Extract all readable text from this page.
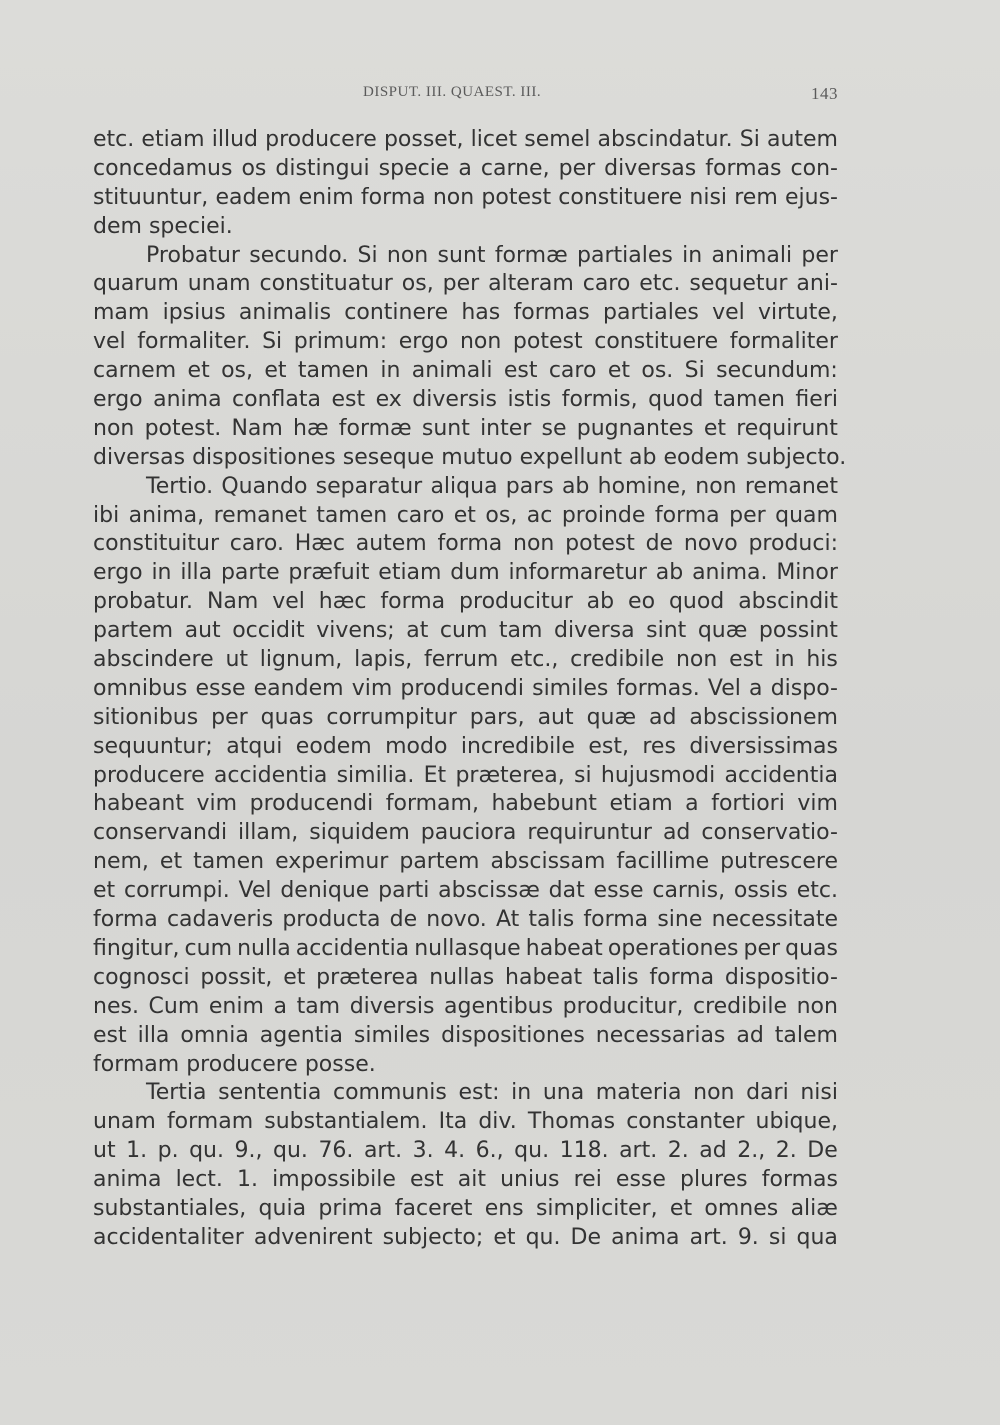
DISPUT. III. QUAEST. III.	143
etc. etiam illud producere posset, licet semel abscindatur. Si autem
concedamus os distingui specie a carne, per diversas formas con-
stituuntur, eadem enim forma non potest constituere nisi rem ejus-
dem speciei.
Probatur secundo. Si non sunt formæ partiales in animali per
quarum unam constituatur os, per alteram caro etc. sequetur ani-
mam ipsius animalis continere has formas partiales vel virtute,
vel formaliter. Si primum: ergo non potest constituere formaliter
carnem et os, et tamen in animali est caro et os. Si secundum:
ergo anima conflata est ex diversis istis formis, quod tamen fieri
non potest. Nam hæ formæ sunt inter se pugnantes et requirunt
diversas dispositiones seseque mutuo expellunt ab eodem subjecto.
Tertio. Quando separatur aliqua pars ab homine, non remanet
ibi anima, remanet tamen caro et os, ac proinde forma per quam
constituitur caro. Hæc autem forma non potest de novo produci:
ergo in illa parte præfuit etiam dum informaretur ab anima. Minor
probatur. Nam vel hæc forma producitur ab eo quod abscindit
partem aut occidit vivens; at cum tam diversa sint quæ possint
abscindere ut lignum, lapis, ferrum etc., credibile non est in his
omnibus esse eandem vim producendi similes formas. Vel a dispo-
sitionibus per quas corrumpitur pars, aut quæ ad abscissionem
sequuntur; atqui eodem modo incredibile est, res diversissimas
producere accidentia similia. Et præterea, si hujusmodi accidentia
habeant vim producendi formam, habebunt etiam a fortiori vim
conservandi illam, siquidem pauciora requiruntur ad conservatio-
nem, et tamen experimur partem abscissam facillime putrescere
et corrumpi. Vel denique parti abscissæ dat esse carnis, ossis etc.
forma cadaveris producta de novo. At talis forma sine necessitate
fingitur, cum nulla accidentia nullasque habeat operationes per quas
cognosci possit, et præterea nullas habeat talis forma dispositio-
nes. Cum enim a tam diversis agentibus producitur, credibile non
est illa omnia agentia similes dispositiones necessarias ad talem
formam producere posse.
Tertia sententia communis est: in una materia non dari nisi
unam formam substantialem. Ita div. Thomas constanter ubique,
ut 1. p. qu. 9., qu. 76. art. 3. 4. 6., qu. 118. art. 2. ad 2., 2. De
anima lect. 1. impossibile est ait unius rei esse plures formas
substantiales, quia prima faceret ens simpliciter, et omnes aliæ
accidentaliter advenirent subjecto; et qu. De anima art. 9. si qua
